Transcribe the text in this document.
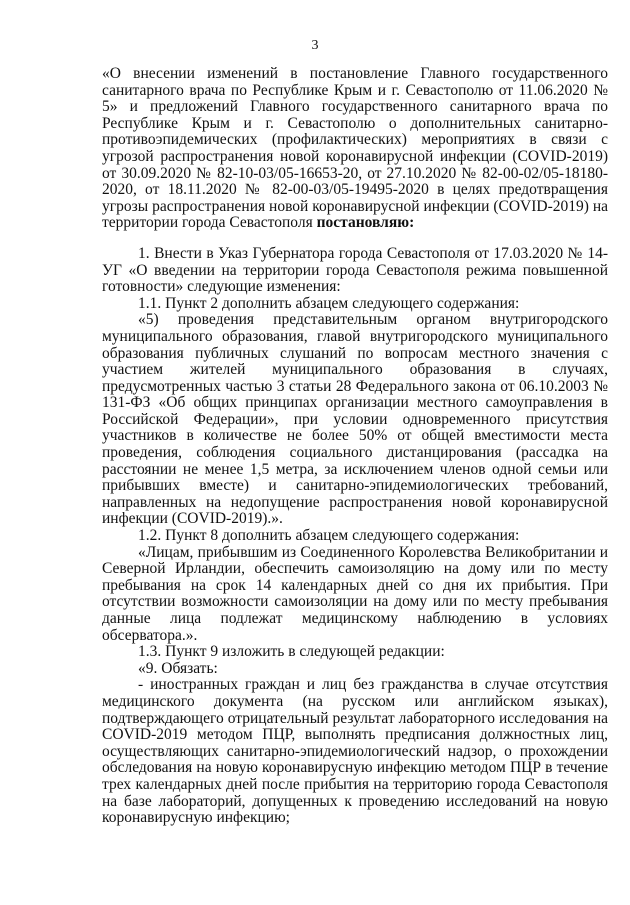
3

«О внесении изменений в постановление Главного государственного санитарного врача по Республике Крым и г. Севастополю от 11.06.2020 № 5» и предложений Главного государственного санитарного врача по Республике Крым и г. Севастополю о дополнительных санитарно-противоэпидемических (профилактических) мероприятиях в связи с угрозой распространения новой коронавирусной инфекции (COVID-2019) от 30.09.2020 № 82-10-03/05-16653-20, от 27.10.2020 № 82-00-02/05-18180-2020, от 18.11.2020 № 82-00-03/05-19495-2020 в целях предотвращения угрозы распространения новой коронавирусной инфекции (COVID-2019) на территории города Севастополя постановляю:

1. Внести в Указ Губернатора города Севастополя от 17.03.2020 № 14-УГ «О введении на территории города Севастополя режима повышенной готовности» следующие изменения:

1.1. Пункт 2 дополнить абзацем следующего содержания:

«5) проведения представительным органом внутригородского муниципального образования, главой внутригородского муниципального образования публичных слушаний по вопросам местного значения с участием жителей муниципального образования в случаях, предусмотренных частью 3 статьи 28 Федерального закона от 06.10.2003 № 131-ФЗ «Об общих принципах организации местного самоуправления в Российской Федерации», при условии одновременного присутствия участников в количестве не более 50% от общей вместимости места проведения, соблюдения социального дистанцирования (рассадка на расстоянии не менее 1,5 метра, за исключением членов одной семьи или прибывших вместе) и санитарно-эпидемиологических требований, направленных на недопущение распространения новой коронавирусной инфекции (COVID-2019).».

1.2. Пункт 8 дополнить абзацем следующего содержания:

«Лицам, прибывшим из Соединенного Королевства Великобритании и Северной Ирландии, обеспечить самоизоляцию на дому или по месту пребывания на срок 14 календарных дней со дня их прибытия. При отсутствии возможности самоизоляции на дому или по месту пребывания данные лица подлежат медицинскому наблюдению в условиях обсерватора.».

1.3. Пункт 9 изложить в следующей редакции:

«9. Обязать:

- иностранных граждан и лиц без гражданства в случае отсутствия медицинского документа (на русском или английском языках), подтверждающего отрицательный результат лабораторного исследования на COVID-2019 методом ПЦР, выполнять предписания должностных лиц, осуществляющих санитарно-эпидемиологический надзор, о прохождении обследования на новую коронавирусную инфекцию методом ПЦР в течение трех календарных дней после прибытия на территорию города Севастополя на базе лабораторий, допущенных к проведению исследований на новую коронавирусную инфекцию;
